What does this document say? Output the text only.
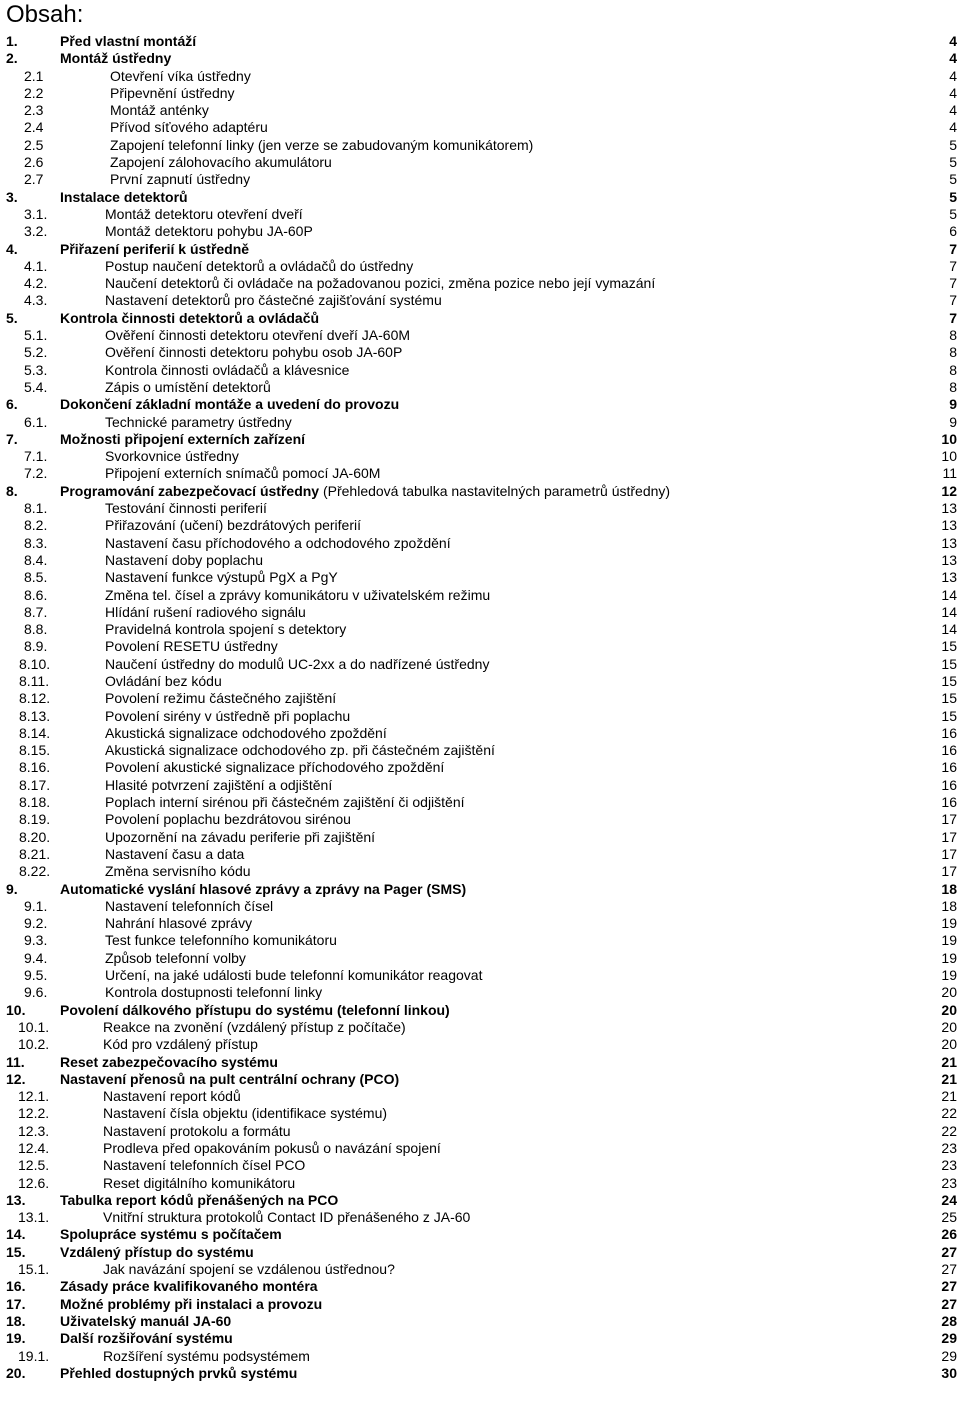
Obsah:
1.	Před vlastní montáží	4
2.	Montáž ústředny	4
2.1	Otevření víka ústředny	4
2.2	Připevnění ústředny	4
2.3	Montáž anténky	4
2.4	Přívod síťového adaptéru	4
2.5	Zapojení telefonní linky (jen verze se zabudovaným komunikátorem)	5
2.6	Zapojení zálohovacího akumulátoru	5
2.7	První zapnutí ústředny	5
3.	Instalace detektorů	5
3.1.	Montáž detektoru otevření dveří	5
3.2.	Montáž detektoru pohybu JA-60P	6
4.	Přiřazení periferií k ústředně	7
4.1.	Postup naučení detektorů a ovládačů do ústředny	7
4.2.	Naučení detektorů či ovládače na požadovanou pozici, změna pozice nebo její vymazání	7
4.3.	Nastavení detektorů pro částečné zajišťování systému	7
5.	Kontrola činnosti detektorů a ovládačů	7
5.1.	Ověření činnosti detektoru otevření dveří JA-60M	8
5.2.	Ověření činnosti detektoru pohybu osob JA-60P	8
5.3.	Kontrola činnosti ovládačů a klávesnice	8
5.4.	Zápis o umístění detektorů	8
6.	Dokončení základní montáže a uvedení do provozu	9
6.1.	Technické parametry ústředny	9
7.	Možnosti připojení externích zařízení	10
7.1.	Svorkovnice ústředny	10
7.2.	Připojení externích snímačů pomocí JA-60M	11
8.	Programování zabezpečovací ústředny (Přehledová tabulka nastavitelných parametrů ústředny)	12
8.1.	Testování činnosti periferií	13
8.2.	Přiřazování (učení) bezdrátových periferií	13
8.3.	Nastavení času příchodového a odchodového zpoždění	13
8.4.	Nastavení doby poplachu	13
8.5.	Nastavení funkce výstupů PgX a PgY	13
8.6.	Změna tel. čísel a zprávy komunikátoru v uživatelském režimu	14
8.7.	Hlídání rušení radiového signálu	14
8.8.	Pravidelná kontrola spojení s detektory	14
8.9.	Povolení RESETU ústředny	15
8.10.	Naučení ústředny do modulů UC-2xx a do nadřízené ústředny	15
8.11.	Ovládání bez kódu	15
8.12.	Povolení režimu částečného zajištění	15
8.13.	Povolení sirény v ústředně při poplachu	15
8.14.	Akustická signalizace odchodového zpoždění	16
8.15.	Akustická signalizace odchodového zp. při částečném zajištění	16
8.16.	Povolení akustické signalizace příchodového zpoždění	16
8.17.	Hlasité potvrzení zajištění a odjištění	16
8.18.	Poplach interní sirénou při částečném zajištění či odjištění	16
8.19.	Povolení poplachu bezdrátovou sirénou	17
8.20.	Upozornění na závadu periferie při zajištění	17
8.21.	Nastavení času a data	17
8.22.	Změna servisního kódu	17
9.	Automatické vyslání hlasové zprávy a zprávy na Pager (SMS)	18
9.1.	Nastavení telefonních čísel	18
9.2.	Nahrání hlasové zprávy	19
9.3.	Test funkce telefonního komunikátoru	19
9.4.	Způsob telefonní volby	19
9.5.	Určení, na jaké události bude telefonní komunikátor reagovat	19
9.6.	Kontrola dostupnosti telefonní linky	20
10. Povolení dálkového přístupu do systému (telefonní linkou)	20
10.1.	Reakce na zvonění (vzdálený přístup z počítače)	20
10.2.	Kód pro vzdálený přístup	20
11.	Reset zabezpečovacího systému	21
12. Nastavení přenosů na pult centrální ochrany (PCO)	21
12.1.	Nastavení report kódů	21
12.2.	Nastavení čísla objektu (identifikace systému)	22
12.3.	Nastavení protokolu a formátu	22
12.4.	Prodleva před opakováním pokusů o navázání spojení	23
12.5.	Nastavení telefonních čísel PCO	23
12.6.	Reset digitálního komunikátoru	23
13. Tabulka report kódů přenášených na PCO	24
13.1.	Vnitřní struktura protokolů Contact ID přenášeného z JA-60	25
14. Spolupráce systému s počítačem	26
15. Vzdálený přístup do systému	27
15.1.	Jak navázání spojení se vzdálenou ústřednou?	27
16. Zásady práce kvalifikovaného montéra	27
17. Možné problémy při instalaci a provozu	27
18. Uživatelský manuál JA-60	28
19. Další rozšiřování systému	29
19.1.	Rozšíření systému podsystémem	29
20. Přehled dostupných prvků systému	30
